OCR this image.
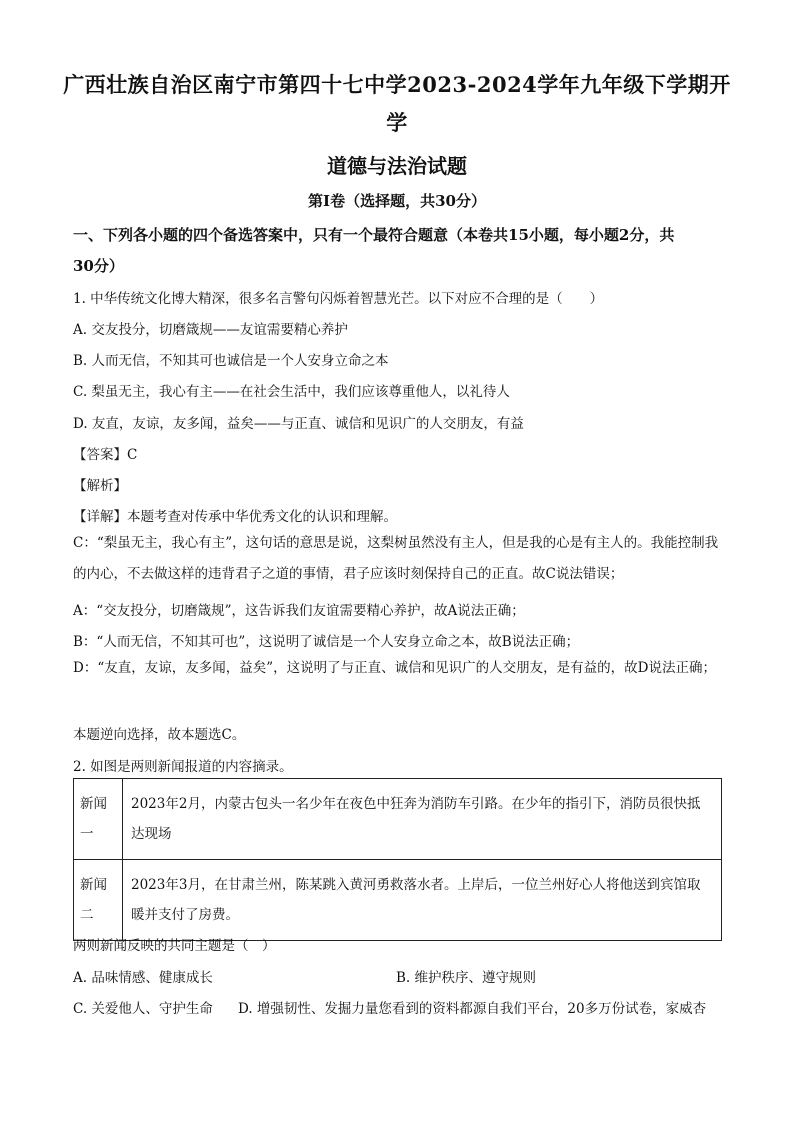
广西壮族自治区南宁市第四十七中学2023-2024学年九年级下学期开学
道德与法治试题
第Ⅰ卷（选择题，共30分）
一、下列各小题的四个备选答案中，只有一个最符合题意（本卷共15小题，每小题2分，共
30分）
1. 中华传统文化博大精深，很多名言警句闪烁着智慧光芒。以下对应不合理的是（　　）
A. 交友投分，切磨箴规——友谊需要精心养护
B. 人而无信，不知其可也诚信是一个人安身立命之本
C. 梨虽无主，我心有主——在社会生活中，我们应该尊重他人，以礼待人
D. 友直，友谅，友多闻，益矣——与正直、诚信和见识广的人交朋友，有益
【答案】C
【解析】
【详解】本题考查对传承中华优秀文化的认识和理解。
C：“梨虽无主，我心有主”，这句话的意思是说，这梨树虽然没有主人，但是我的心是有主人的。我能控制我的内心，不去做这样的违背君子之道的事情，君子应该时刻保持自己的正直。故C说法错误；
A：“交友投分，切磨箴规”，这告诉我们友谊需要精心养护，故A说法正确；
B：“人而无信，不知其可也”，这说明了诚信是一个人安身立命之本，故B说法正确；
D：“友直，友谅，友多闻，益矣”，这说明了与正直、诚信和见识广的人交朋友，是有益的，故D说法正确；
本题逆向选择，故本题选C。
2. 如图是两则新闻报道的内容摘录。
新闻一	2023年2月，内蒙古包头一名少年在夜色中狂奔为消防车引路。在少年的指引下，消防员很快抵达现场
新闻二	2023年3月，在甘肃兰州，陈某跳入黄河勇救落水者。上岸后，一位兰州好心人将他送到宾馆取暖并支付了房费。
两则新闻反映的共同主题是（　）
A. 品味情感、健康成长	B. 维护秩序、遵守规则
C. 关爱他人、守护生命 D. 增强韧性、发掘力量您看到的资料都源自我们平台，20多万份试卷，家威杏
